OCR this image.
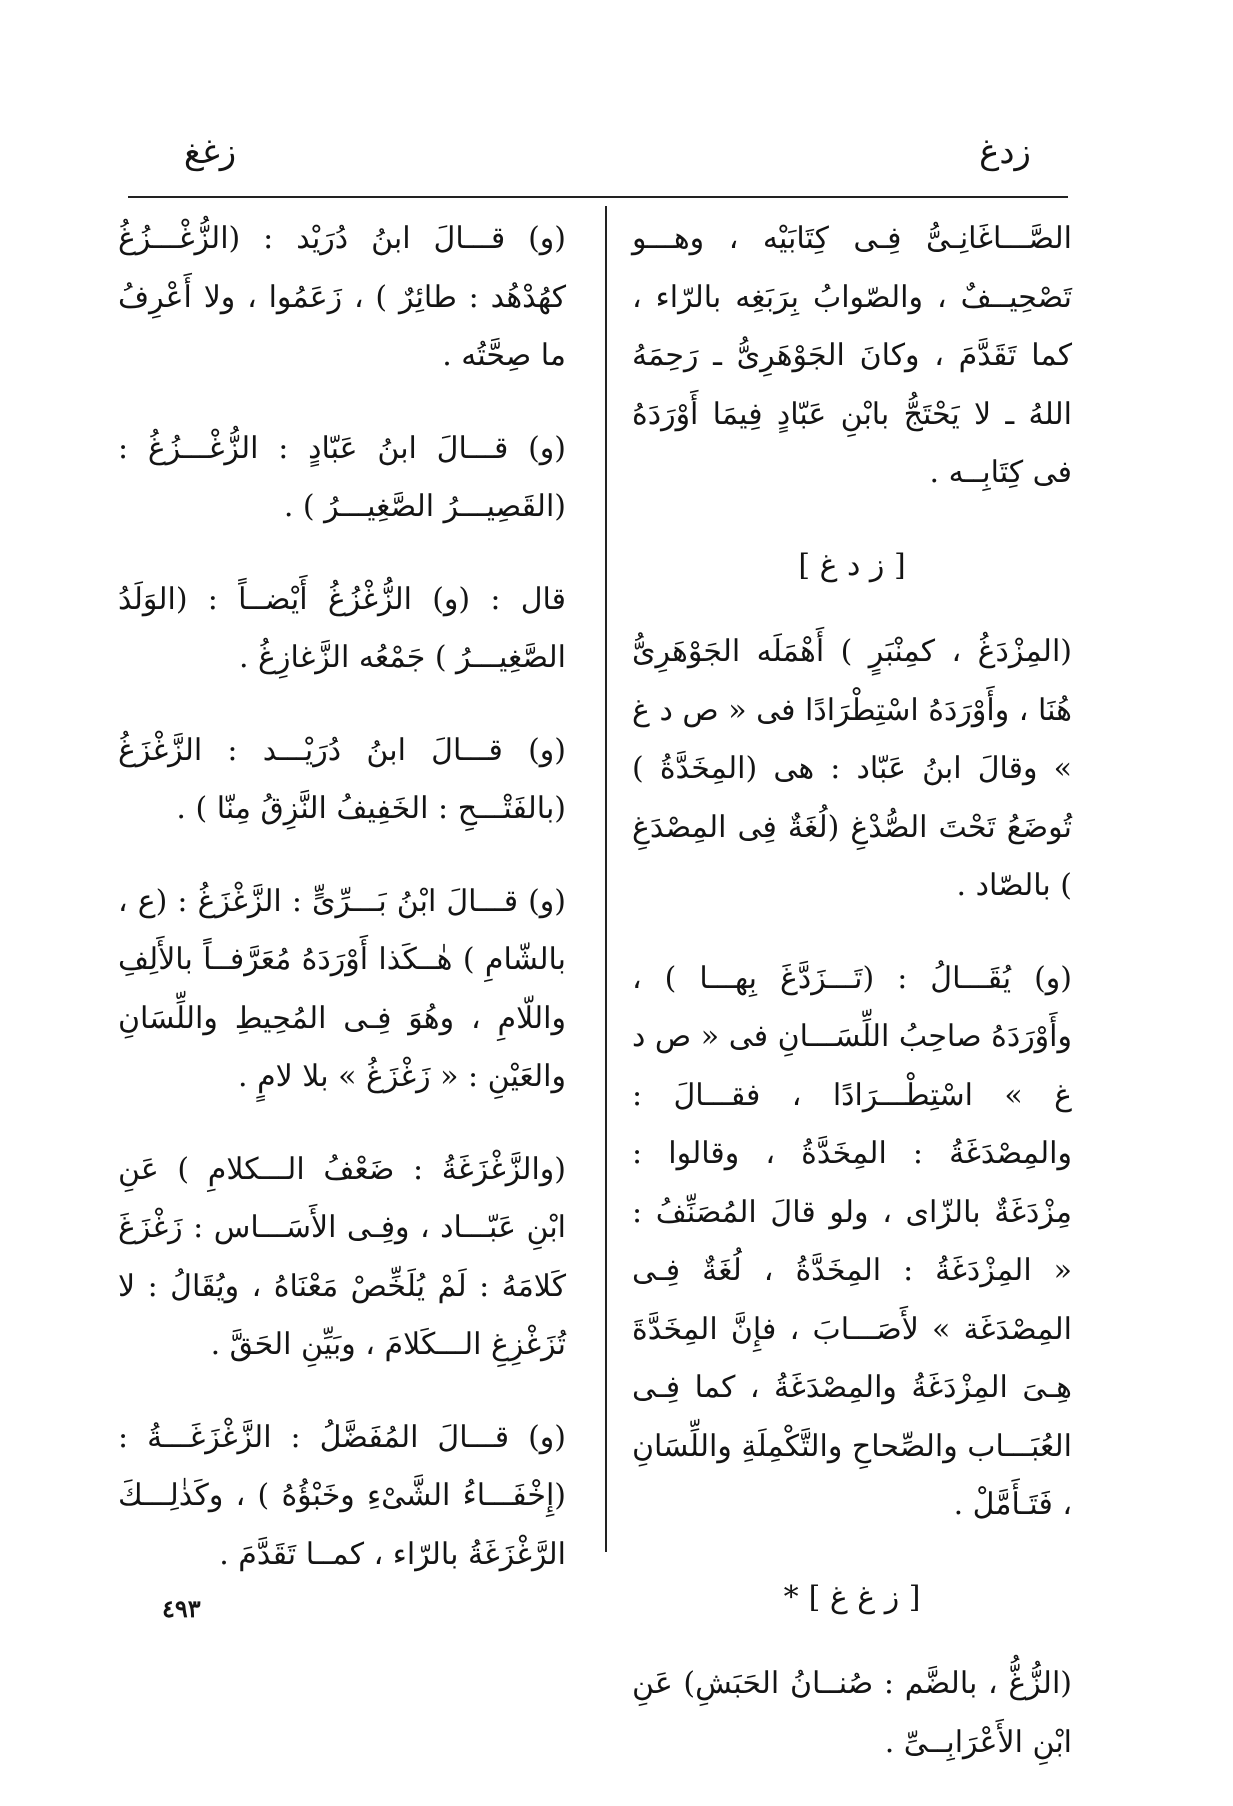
زدغ
زغغ

الصَّـــاغَانِـىُّ فِـى كِتَابَيْه ، وهـــو تَصْحِيــفٌ ، والصّوابُ بِرَبَغِه بالرّاء ، كما تَقَدَّمَ ، وكانَ الجَوْهَرِىُّ ـ رَحِمَهُ اللهُ ـ لا يَحْتَجُّ بابْنِ عَبّادٍ فِيمَا أَوْرَدَهُ فى كِتَابِــه .

[ ز د غ ]

(المِزْدَغُ ، كمِنْبَرٍ ) أَهْمَلَه الجَوْهَرِىُّ هُنَا ، وأَوْرَدَهُ اسْتِطْرَادًا فى « ص د غ » وقالَ ابنُ عَبّاد : هى (المِخَدَّةُ ) تُوضَعُ تَحْتَ الصُّدْغِ (لُغَةٌ فِى المِصْدَغِ ) بالصّاد .

(و) يُقَـــالُ : (تَـــزَدَّغَ بِهـــا ) ، وأَوْرَدَهُ صاحِبُ اللِّسَـــانِ فى « ص د غ » اسْتِطْـــرَادًا ، فقـــالَ : والمِصْدَغَةُ : المِخَدَّةُ ، وقالوا : مِزْدَغَةٌ بالزّاى ، ولو قالَ المُصَنِّفُ : « المِزْدَغَةُ : المِخَدَّةُ ، لُغَةٌ فِـى المِصْدَغَة » لأَصَـــابَ ، فإِنَّ المِخَدَّةَ هِـىَ المِزْدَغَةُ والمِصْدَغَةُ ، كما فِـى العُبَـــاب والصِّحاحِ والتَّكْمِلَةِ واللِّسَانِ ، فَتَـأَمَّلْ .

[ ز غ غ ]*

(الزُّغُّ ، بالضَّم : صُنــانُ الحَبَشِ) عَنِ ابْنِ الأَعْرَابِــىِّ .

(و) قـــالَ ابنُ دُرَيْد : (الزُّغْـــزُغُ كهُدْهُد : طائِرٌ ) ، زَعَمُوا ، ولا أَعْرِفُ ما صِحَّتُه .

(و) قـــالَ ابنُ عَبّادٍ : الزُّغْـــزُغُ : (القَصِيـــرُ الصَّغِيـــرُ ) .

قال : (و) الزُّغْزُغُ أَيْضــاً : (الوَلَدُ الصَّغِيـــرُ ) جَمْعُه الزَّغازِغُ .

(و) قـــالَ ابنُ دُرَيْـــد : الزَّغْزَغُ (بالفَتْـــحِ : الخَفِيفُ النَّزِقُ مِنّا ) .

(و) قـــالَ ابْنُ بَـــرِّىٍّ : الزَّغْزَغُ : (ع ، بالشّامِ ) هٰــكَذا أَوْرَدَهُ مُعَرَّفــاً بالأَلِفِ واللّامِ ، وهُوَ فِـى المُحِيطِ واللِّسَانِ والعَيْنِ : « زَغْزَغُ » بلا لامٍ .

(والزَّغْزَغَةُ : ضَعْفُ الـــكلامِ ) عَنِ ابْنِ عَبّـــاد ، وفِـى الأَسَـــاس : زَغْزَغَ كَلامَهُ : لَمْ يُلَخِّصْ مَعْنَاهُ ، ويُقَالُ : لا تُزَغْزِغِ الـــكَلامَ ، وبَيِّنِ الحَقَّ .

(و) قـــالَ المُفَضَّلُ : الزَّغْزَغَـــةُ : (إِخْفَـــاءُ الشَّىْءِ وخَبْؤُهُ ) ، وكَذٰلِـــكَ الرَّغْزَغَةُ بالرّاء ، كمــا تَقَدَّمَ .

٤٩٣
